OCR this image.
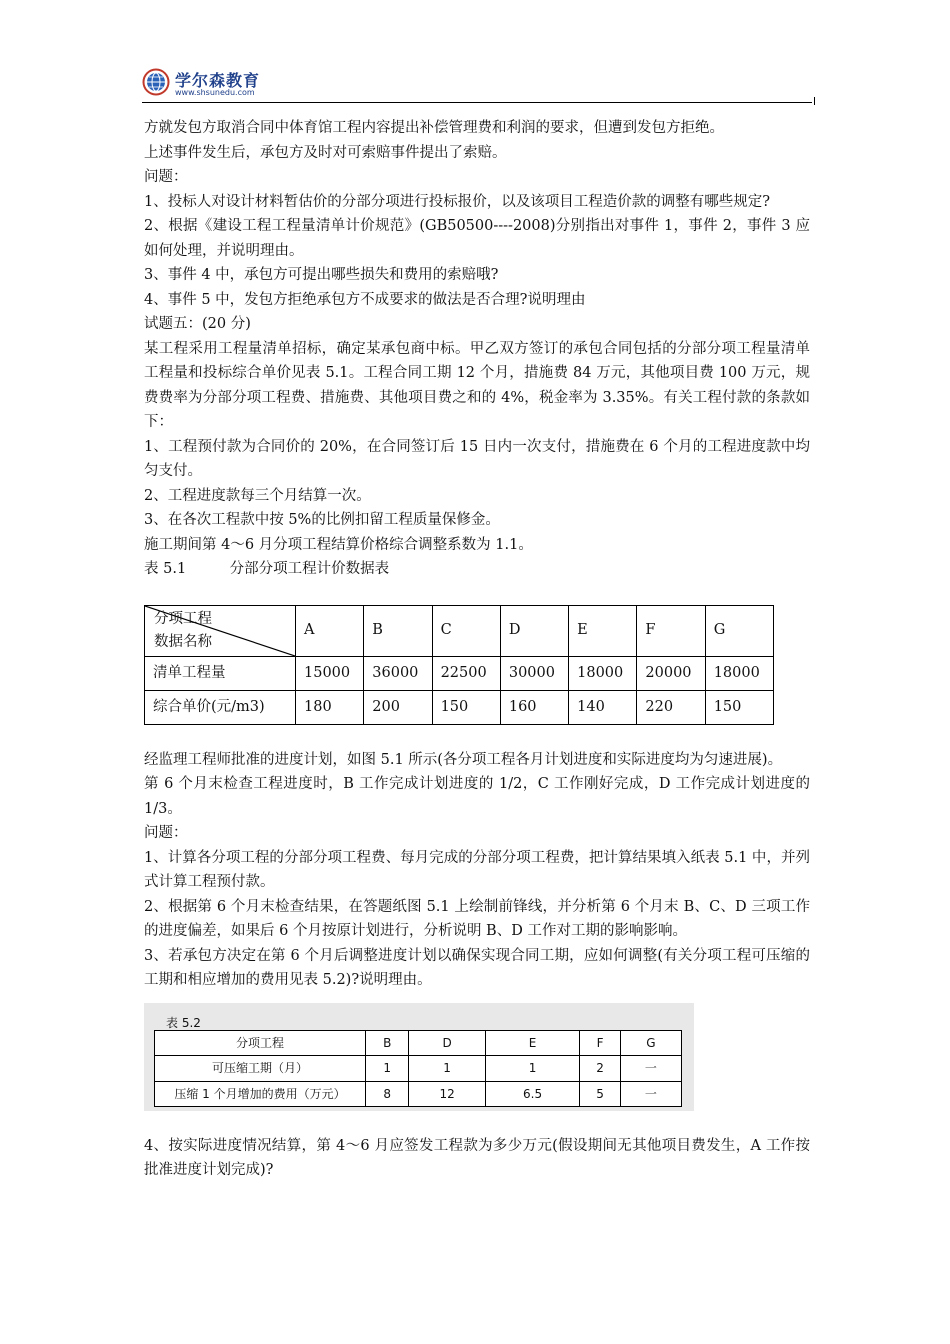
学尔森教育
www.shsunedu.com

方就发包方取消合同中体育馆工程内容提出补偿管理费和利润的要求，但遭到发包方拒绝。

上述事件发生后，承包方及时对可索赔事件提出了索赔。

问题：

1、投标人对设计材料暂估价的分部分项进行投标报价，以及该项目工程造价款的调整有哪些规定?

2、根据《建设工程工程量清单计价规范》(GB50500----2008)分别指出对事件 1，事件 2，事件 3 应如何处理，并说明理由。

3、事件 4 中，承包方可提出哪些损失和费用的索赔哦?

4、事件 5 中，发包方拒绝承包方不成要求的做法是否合理?说明理由

试题五：(20 分)

某工程采用工程量清单招标，确定某承包商中标。甲乙双方签订的承包合同包括的分部分项工程量清单工程量和投标综合单价见表 5.1。工程合同工期 12 个月，措施费 84 万元，其他项目费 100 万元，规费费率为分部分项工程费、措施费、其他项目费之和的 4%，税金率为 3.35%。有关工程付款的条款如下：

1、工程预付款为合同价的 20%，在合同签订后 15 日内一次支付，措施费在 6 个月的工程进度款中均匀支付。

2、工程进度款每三个月结算一次。

3、在各次工程款中按 5%的比例扣留工程质量保修金。

施工期间第 4～6 月分项工程结算价格综合调整系数为 1.1。

表 5.1　　　分部分项工程计价数据表

分项工程
数据名称	A	B	C	D	E	F	G
清单工程量	15000	36000	22500	30000	18000	20000	18000
综合单价(元/m3)	180	200	150	160	140	220	150

经监理工程师批准的进度计划，如图 5.1 所示(各分项工程各月计划进度和实际进度均为匀速进展)。

第 6 个月末检查工程进度时，B 工作完成计划进度的 1/2，C 工作刚好完成，D 工作完成计划进度的 1/3。

问题：

1、计算各分项工程的分部分项工程费、每月完成的分部分项工程费，把计算结果填入纸表 5.1 中，并列式计算工程预付款。

2、根据第 6 个月末检查结果，在答题纸图 5.1 上绘制前锋线，并分析第 6 个月末 B、C、D 三项工作的进度偏差，如果后 6 个月按原计划进行，分析说明 B、D 工作对工期的影响影响。

3、若承包方决定在第 6 个月后调整进度计划以确保实现合同工期，应如何调整(有关分项工程可压缩的工期和相应增加的费用见表 5.2)?说明理由。

表 5.2
分项工程	B	D	E	F	G
可压缩工期（月）	1	1	1	2	一
压缩 1 个月增加的费用（万元）	8	12	6.5	5	一

4、按实际进度情况结算，第 4～6 月应签发工程款为多少万元(假设期间无其他项目费发生，A 工作按批准进度计划完成)?
